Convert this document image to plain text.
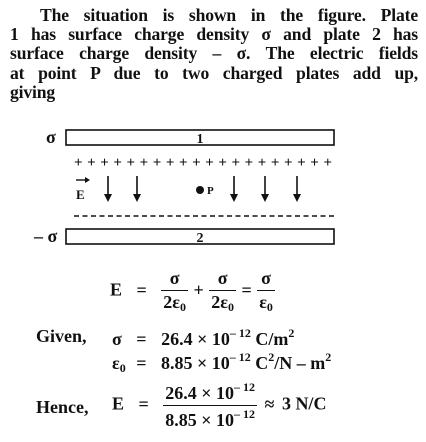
The situation is shown in the figure. Plate
1 has surface charge density σ and plate 2 has
surface charge density – σ. The electric fields
at point P due to two charged plates add up,
giving
σ	1
++++++++++++++++++++
E	P
– σ	2
$E = \frac{\sigma}{2\varepsilon_0} + \frac{\sigma}{2\varepsilon_0} = \frac{\sigma}{\varepsilon_0}$
Given, $\sigma = 26.4 \times 10^{- 12}$ $C/m^2$
$\varepsilon_0 = 8.85 \times 10^{- 12}$ $C^2/N - m^2$
Hence, $E = \frac{26.4 \times 10^{- 12}}{8.85 \times 10^{- 12}} \approx 3$ N/C
